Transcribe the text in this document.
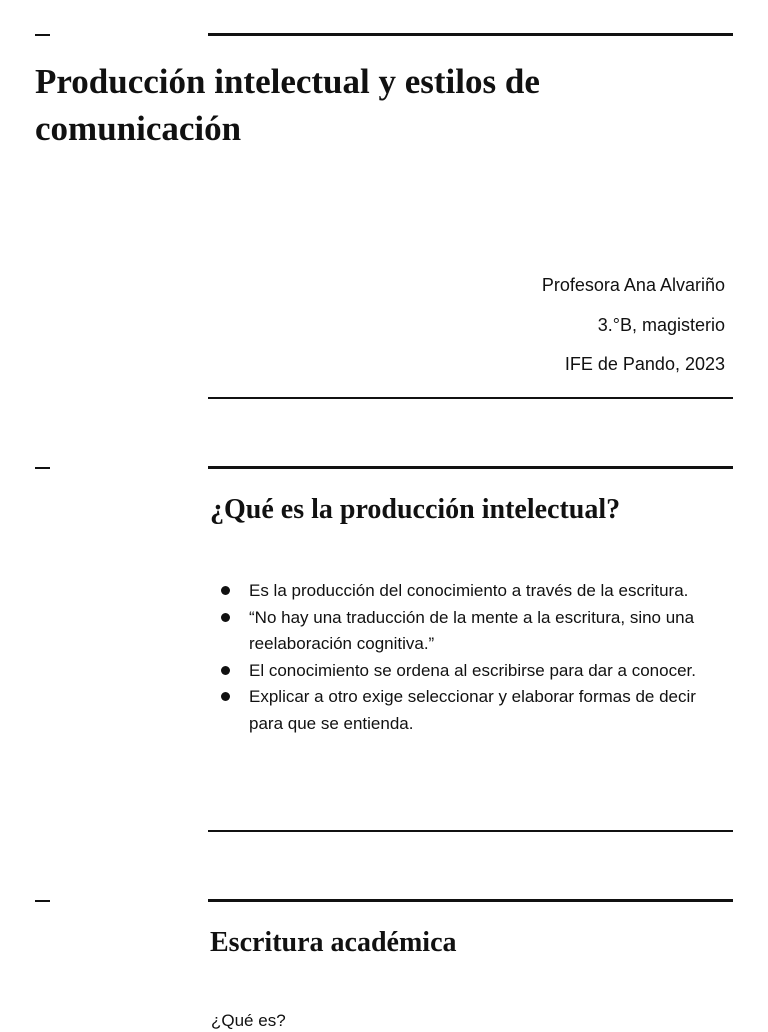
Producción intelectual y estilos de comunicación
Profesora Ana Alvariño
3.°B, magisterio
IFE de Pando, 2023
¿Qué es la producción intelectual?
Es la producción del conocimiento a través de la escritura.
“No hay una traducción de la mente a la escritura, sino una reelaboración cognitiva.”
El conocimiento se ordena al escribirse para dar a conocer.
Explicar a otro exige seleccionar y elaborar formas de decir para que se entienda.
Escritura académica
¿Qué es?
